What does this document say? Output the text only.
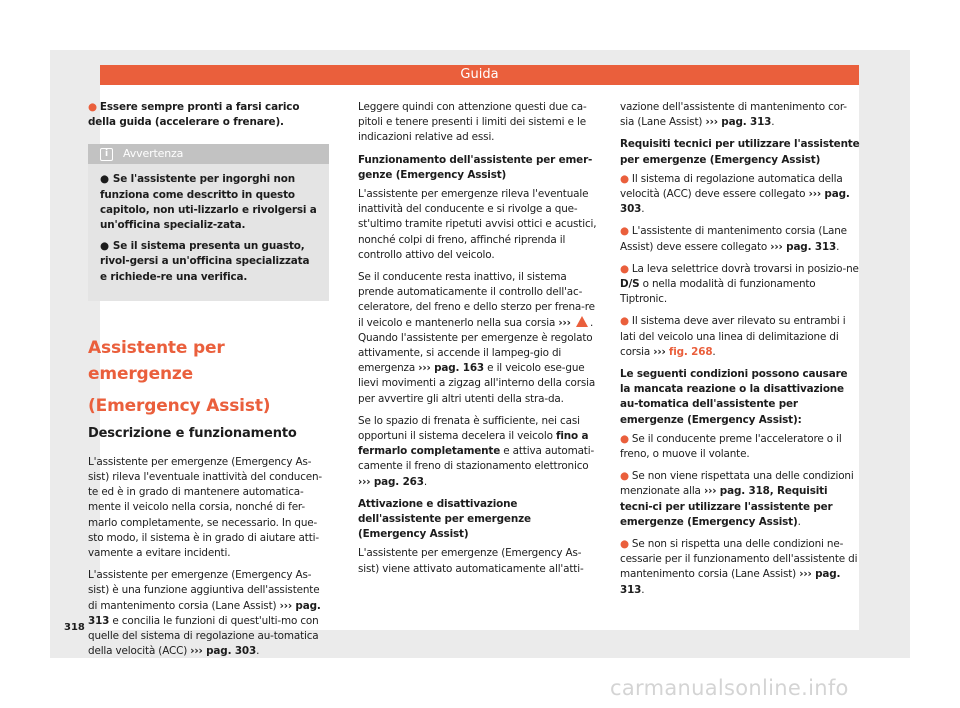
Guida

● Essere sempre pronti a farsi carico della guida (accelerare o frenare).

i Avvertenza
● Se l'assistente per ingorghi non funziona come descritto in questo capitolo, non uti-lizzarlo e rivolgersi a un'officina specializ-zata.
● Se il sistema presenta un guasto, rivol-gersi a un'officina specializzata e richiede-re una verifica.
Assistente per emergenze
(Emergency Assist)
Descrizione e funzionamento

L'assistente per emergenze (Emergency As-sist) rileva l'eventuale inattività del conducen-te ed è in grado di mantenere automatica-mente il veicolo nella corsia, nonché di fer-marlo completamente, se necessario. In que-sto modo, il sistema è in grado di aiutare atti-vamente a evitare incidenti.

L'assistente per emergenze (Emergency As-sist) è una funzione aggiuntiva dell'assistente di mantenimento corsia (Lane Assist) ››› pag. 313 e concilia le funzioni di quest'ulti-mo con quelle del sistema di regolazione au-tomatica della velocità (ACC) ››› pag. 303.

Leggere quindi con attenzione questi due ca-pitoli e tenere presenti i limiti dei sistemi e le indicazioni relative ad essi.

Funzionamento dell'assistente per emer-genze (Emergency Assist)

L'assistente per emergenze rileva l'eventuale inattività del conducente e si rivolge a que-st'ultimo tramite ripetuti avvisi ottici e acustici, nonché colpi di freno, affinché riprenda il controllo attivo del veicolo.

Se il conducente resta inattivo, il sistema prende automaticamente il controllo dell'ac-celeratore, del freno e dello sterzo per frena-re il veicolo e mantenerlo nella sua corsia ››› . Quando l'assistente per emergenze è regolato attivamente, si accende il lampeg-gio di emergenza ››› pag. 163 e il veicolo ese-gue lievi movimenti a zigzag all'interno della corsia per avvertire gli altri utenti della stra-da.

Se lo spazio di frenata è sufficiente, nei casi opportuni il sistema decelera il veicolo fino a fermarlo completamente e attiva automati-camente il freno di stazionamento elettronico ››› pag. 263.

Attivazione e disattivazione dell'assistente per emergenze (Emergency Assist)

L'assistente per emergenze (Emergency As-sist) viene attivato automaticamente all'atti-

vazione dell'assistente di mantenimento cor-sia (Lane Assist) ››› pag. 313.

Requisiti tecnici per utilizzare l'assistente per emergenze (Emergency Assist)

● Il sistema di regolazione automatica della velocità (ACC) deve essere collegato ››› pag. 303.

● L'assistente di mantenimento corsia (Lane Assist) deve essere collegato ››› pag. 313.

● La leva selettrice dovrà trovarsi in posizio-ne D/S o nella modalità di funzionamento Tiptronic.

● Il sistema deve aver rilevato su entrambi i lati del veicolo una linea di delimitazione di corsia ››› fig. 268.

Le seguenti condizioni possono causare la mancata reazione o la disattivazione au-tomatica dell'assistente per emergenze (Emergency Assist):

● Se il conducente preme l'acceleratore o il freno, o muove il volante.

● Se non viene rispettata una delle condizioni menzionate alla ››› pag. 318, Requisiti tecni-ci per utilizzare l'assistente per emergenze (Emergency Assist).

● Se non si rispetta una delle condizioni ne-cessarie per il funzionamento dell'assistente di mantenimento corsia (Lane Assist) ››› pag. 313.

318
carmanualsonline.info
